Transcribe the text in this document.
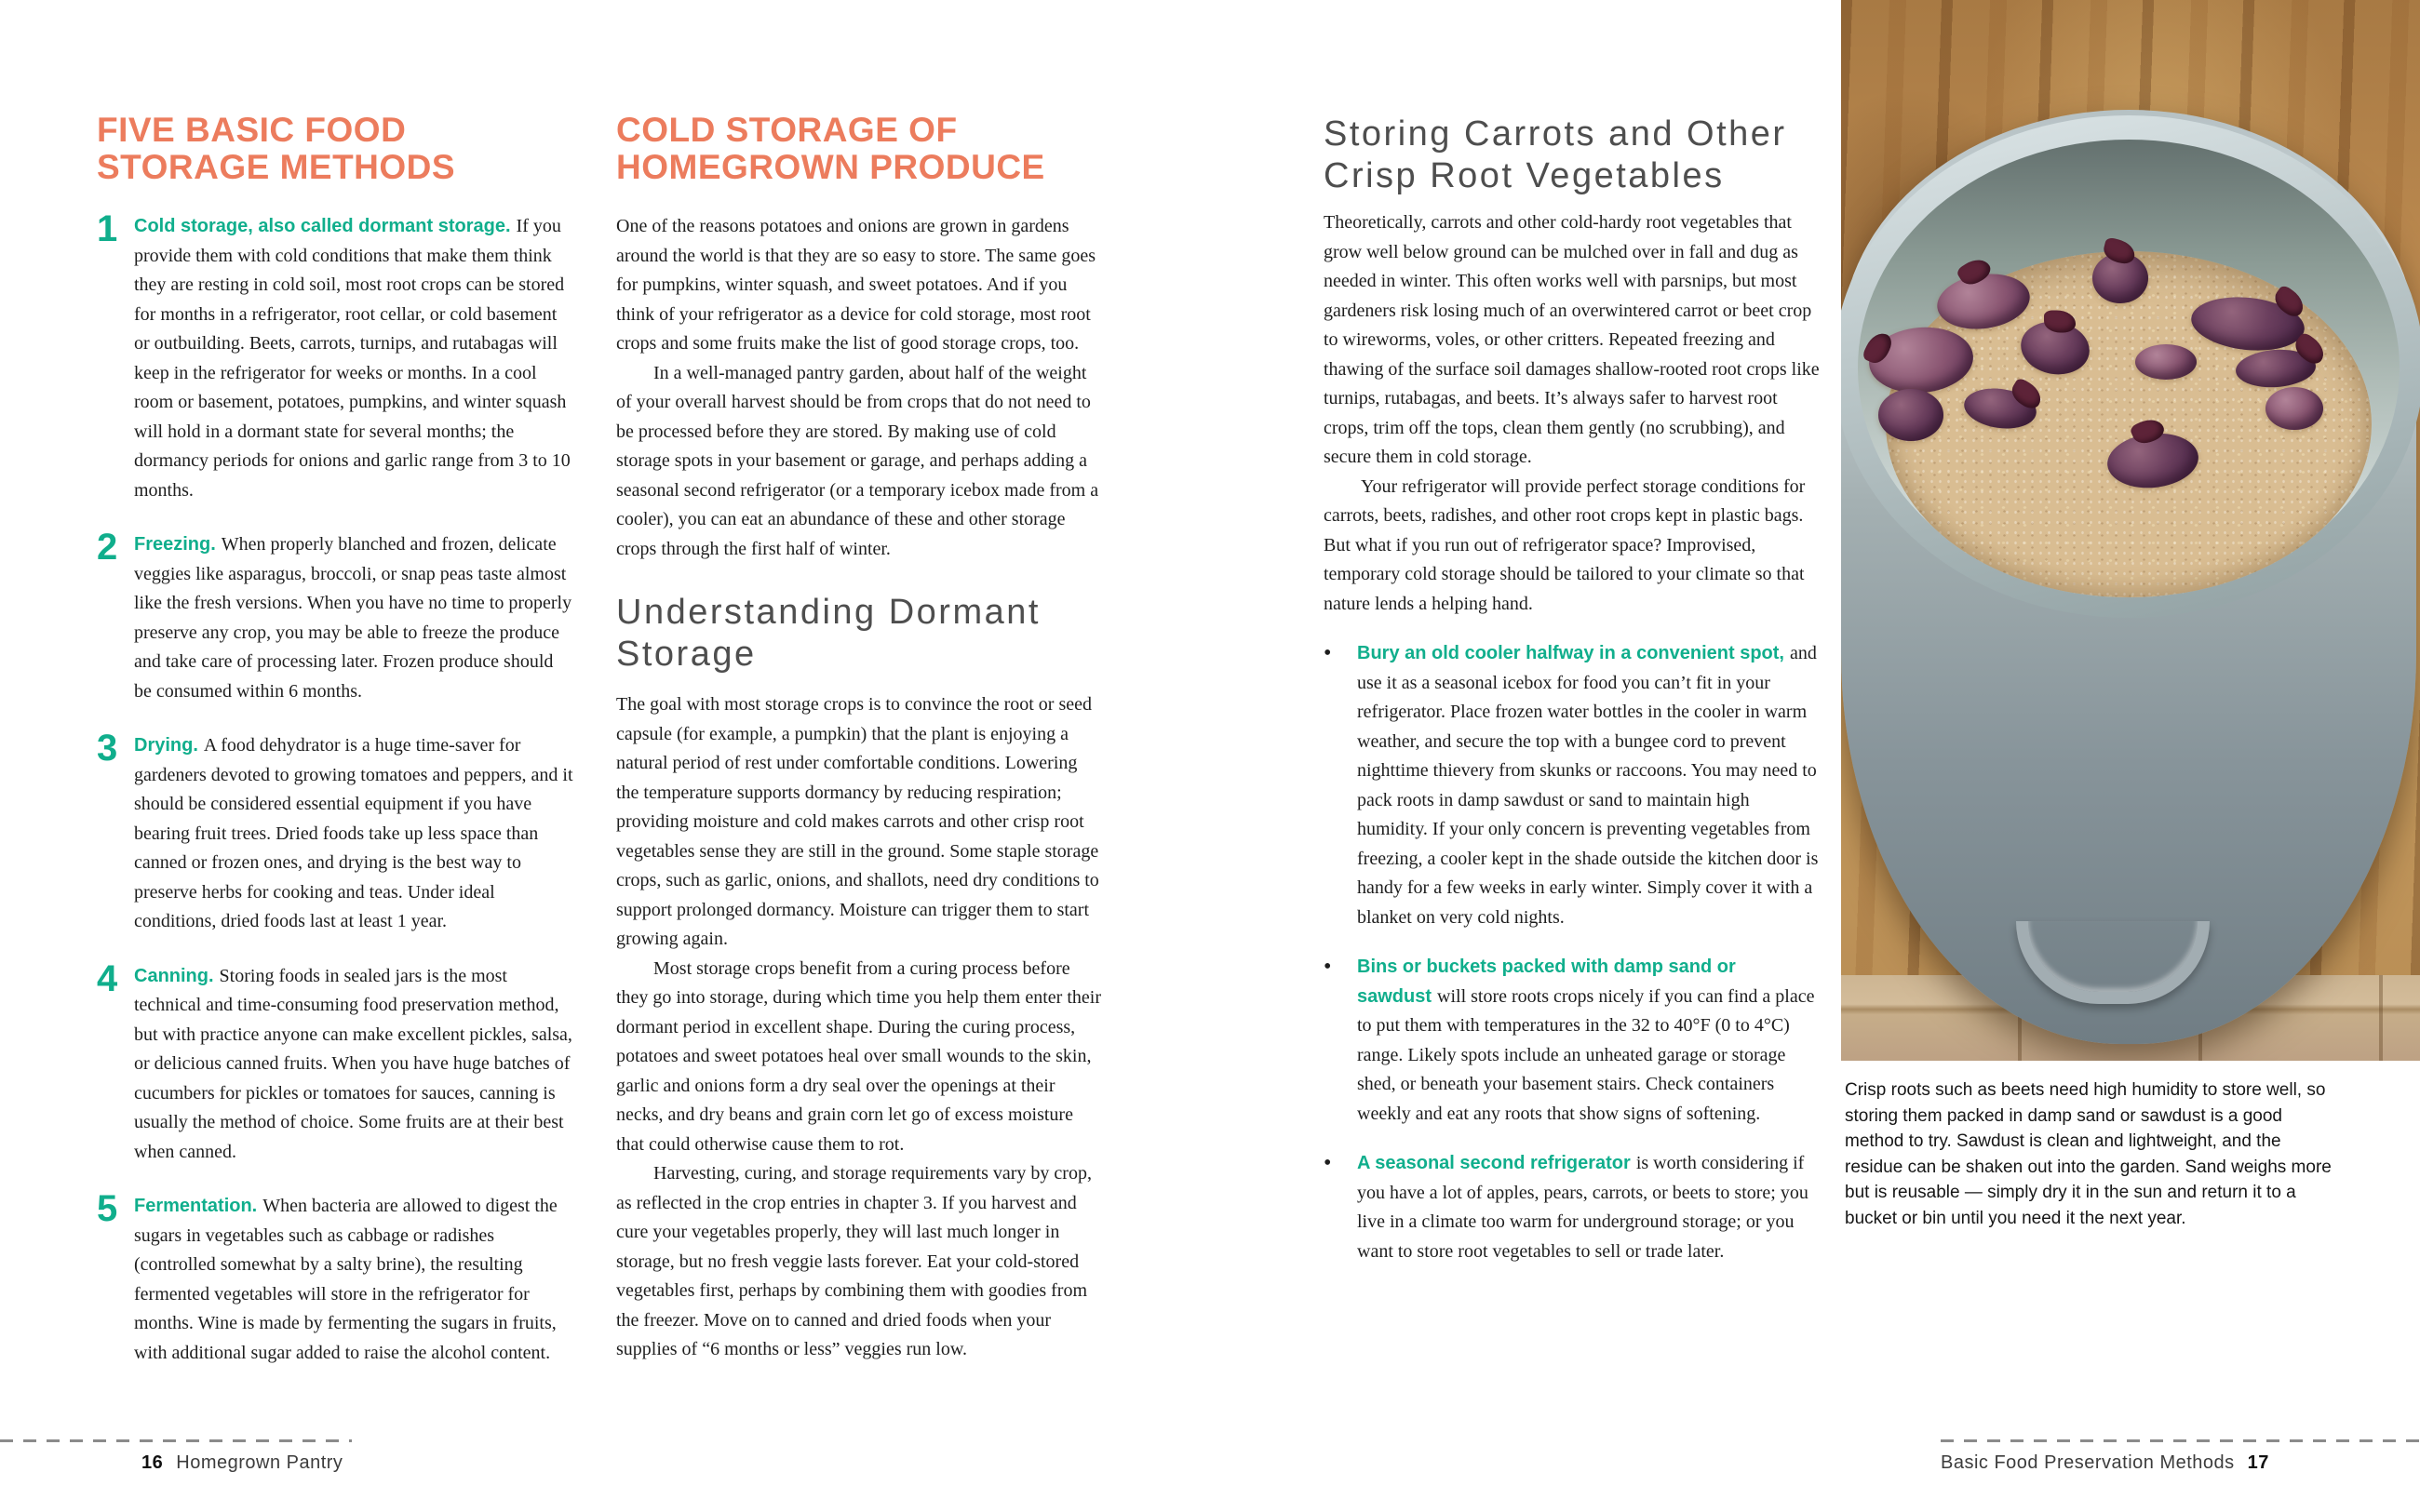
FIVE BASIC FOOD
STORAGE METHODS
1 Cold storage, also called dormant storage. If you provide them with cold conditions that make them think they are resting in cold soil, most root crops can be stored for months in a refrigerator, root cellar, or cold basement or outbuilding. Beets, carrots, turnips, and rutabagas will keep in the refrigerator for weeks or months. In a cool room or basement, potatoes, pumpkins, and winter squash will hold in a dormant state for several months; the dormancy periods for onions and garlic range from 3 to 10 months.
2 Freezing. When properly blanched and frozen, delicate veggies like asparagus, broccoli, or snap peas taste almost like the fresh versions. When you have no time to properly preserve any crop, you may be able to freeze the produce and take care of processing later. Frozen produce should be consumed within 6 months.
3 Drying. A food dehydrator is a huge time-saver for gardeners devoted to growing tomatoes and peppers, and it should be considered essential equipment if you have bearing fruit trees. Dried foods take up less space than canned or frozen ones, and drying is the best way to preserve herbs for cooking and teas. Under ideal conditions, dried foods last at least 1 year.
4 Canning. Storing foods in sealed jars is the most technical and time-consuming food preservation method, but with practice anyone can make excellent pickles, salsa, or delicious canned fruits. When you have huge batches of cucumbers for pickles or tomatoes for sauces, canning is usually the method of choice. Some fruits are at their best when canned.
5 Fermentation. When bacteria are allowed to digest the sugars in vegetables such as cabbage or radishes (controlled somewhat by a salty brine), the resulting fermented vegetables will store in the refrigerator for months. Wine is made by fermenting the sugars in fruits, with additional sugar added to raise the alcohol content.
COLD STORAGE OF
HOMEGROWN PRODUCE

One of the reasons potatoes and onions are grown in gardens around the world is that they are so easy to store. The same goes for pumpkins, winter squash, and sweet potatoes. And if you think of your refrigerator as a device for cold storage, most root crops and some fruits make the list of good storage crops, too.

In a well-managed pantry garden, about half of the weight of your overall harvest should be from crops that do not need to be processed before they are stored. By making use of cold storage spots in your basement or garage, and perhaps adding a seasonal second refrigerator (or a temporary icebox made from a cooler), you can eat an abundance of these and other storage crops through the first half of winter.

Understanding Dormant Storage

The goal with most storage crops is to convince the root or seed capsule (for example, a pumpkin) that the plant is enjoying a natural period of rest under comfortable conditions. Lowering the temperature supports dormancy by reducing respiration; providing moisture and cold makes carrots and other crisp root vegetables sense they are still in the ground. Some staple storage crops, such as garlic, onions, and shallots, need dry conditions to support prolonged dormancy. Moisture can trigger them to start growing again.

Most storage crops benefit from a curing process before they go into storage, during which time you help them enter their dormant period in excellent shape. During the curing process, potatoes and sweet potatoes heal over small wounds to the skin, garlic and onions form a dry seal over the openings at their necks, and dry beans and grain corn let go of excess moisture that could otherwise cause them to rot.

Harvesting, curing, and storage requirements vary by crop, as reflected in the crop entries in chapter 3. If you harvest and cure your vegetables properly, they will last much longer in storage, but no fresh veggie lasts forever. Eat your cold-stored vegetables first, perhaps by combining them with goodies from the freezer. Move on to canned and dried foods when your supplies of “6 months or less” veggies run low.

Storing Carrots and Other
Crisp Root Vegetables

Theoretically, carrots and other cold-hardy root vegetables that grow well below ground can be mulched over in fall and dug as needed in winter. This often works well with parsnips, but most gardeners risk losing much of an overwintered carrot or beet crop to wireworms, voles, or other critters. Repeated freezing and thawing of the surface soil damages shallow-rooted root crops like turnips, rutabagas, and beets. It’s always safer to harvest root crops, trim off the tops, clean them gently (no scrubbing), and secure them in cold storage.

Your refrigerator will provide perfect storage conditions for carrots, beets, radishes, and other root crops kept in plastic bags. But what if you run out of refrigerator space? Improvised, temporary cold storage should be tailored to your climate so that nature lends a helping hand.

•	Bury an old cooler halfway in a convenient spot, and use it as a seasonal icebox for food you can’t fit in your refrigerator. Place frozen water bottles in the cooler in warm weather, and secure the top with a bungee cord to prevent nighttime thievery from skunks or raccoons. You may need to pack roots in damp sawdust or sand to maintain high humidity. If your only concern is preventing vegetables from freezing, a cooler kept in the shade outside the kitchen door is handy for a few weeks in early winter. Simply cover it with a blanket on very cold nights.
•	Bins or buckets packed with damp sand or sawdust will store roots crops nicely if you can find a place to put them with temperatures in the 32 to 40°F (0 to 4°C) range. Likely spots include an unheated garage or storage shed, or beneath your basement stairs. Check containers weekly and eat any roots that show signs of softening.
•	A seasonal second refrigerator is worth considering if you have a lot of apples, pears, carrots, or beets to store; you live in a climate too warm for underground storage; or you want to store root vegetables to sell or trade later.
Crisp roots such as beets need high humidity to store well, so storing them packed in damp sand or sawdust is a good method to try. Sawdust is clean and lightweight, and the residue can be shaken out into the garden. Sand weighs more but is reusable — simply dry it in the sun and return it to a bucket or bin until you need it the next year.

16 Homegrown Pantry	Basic Food Preservation Methods 17
